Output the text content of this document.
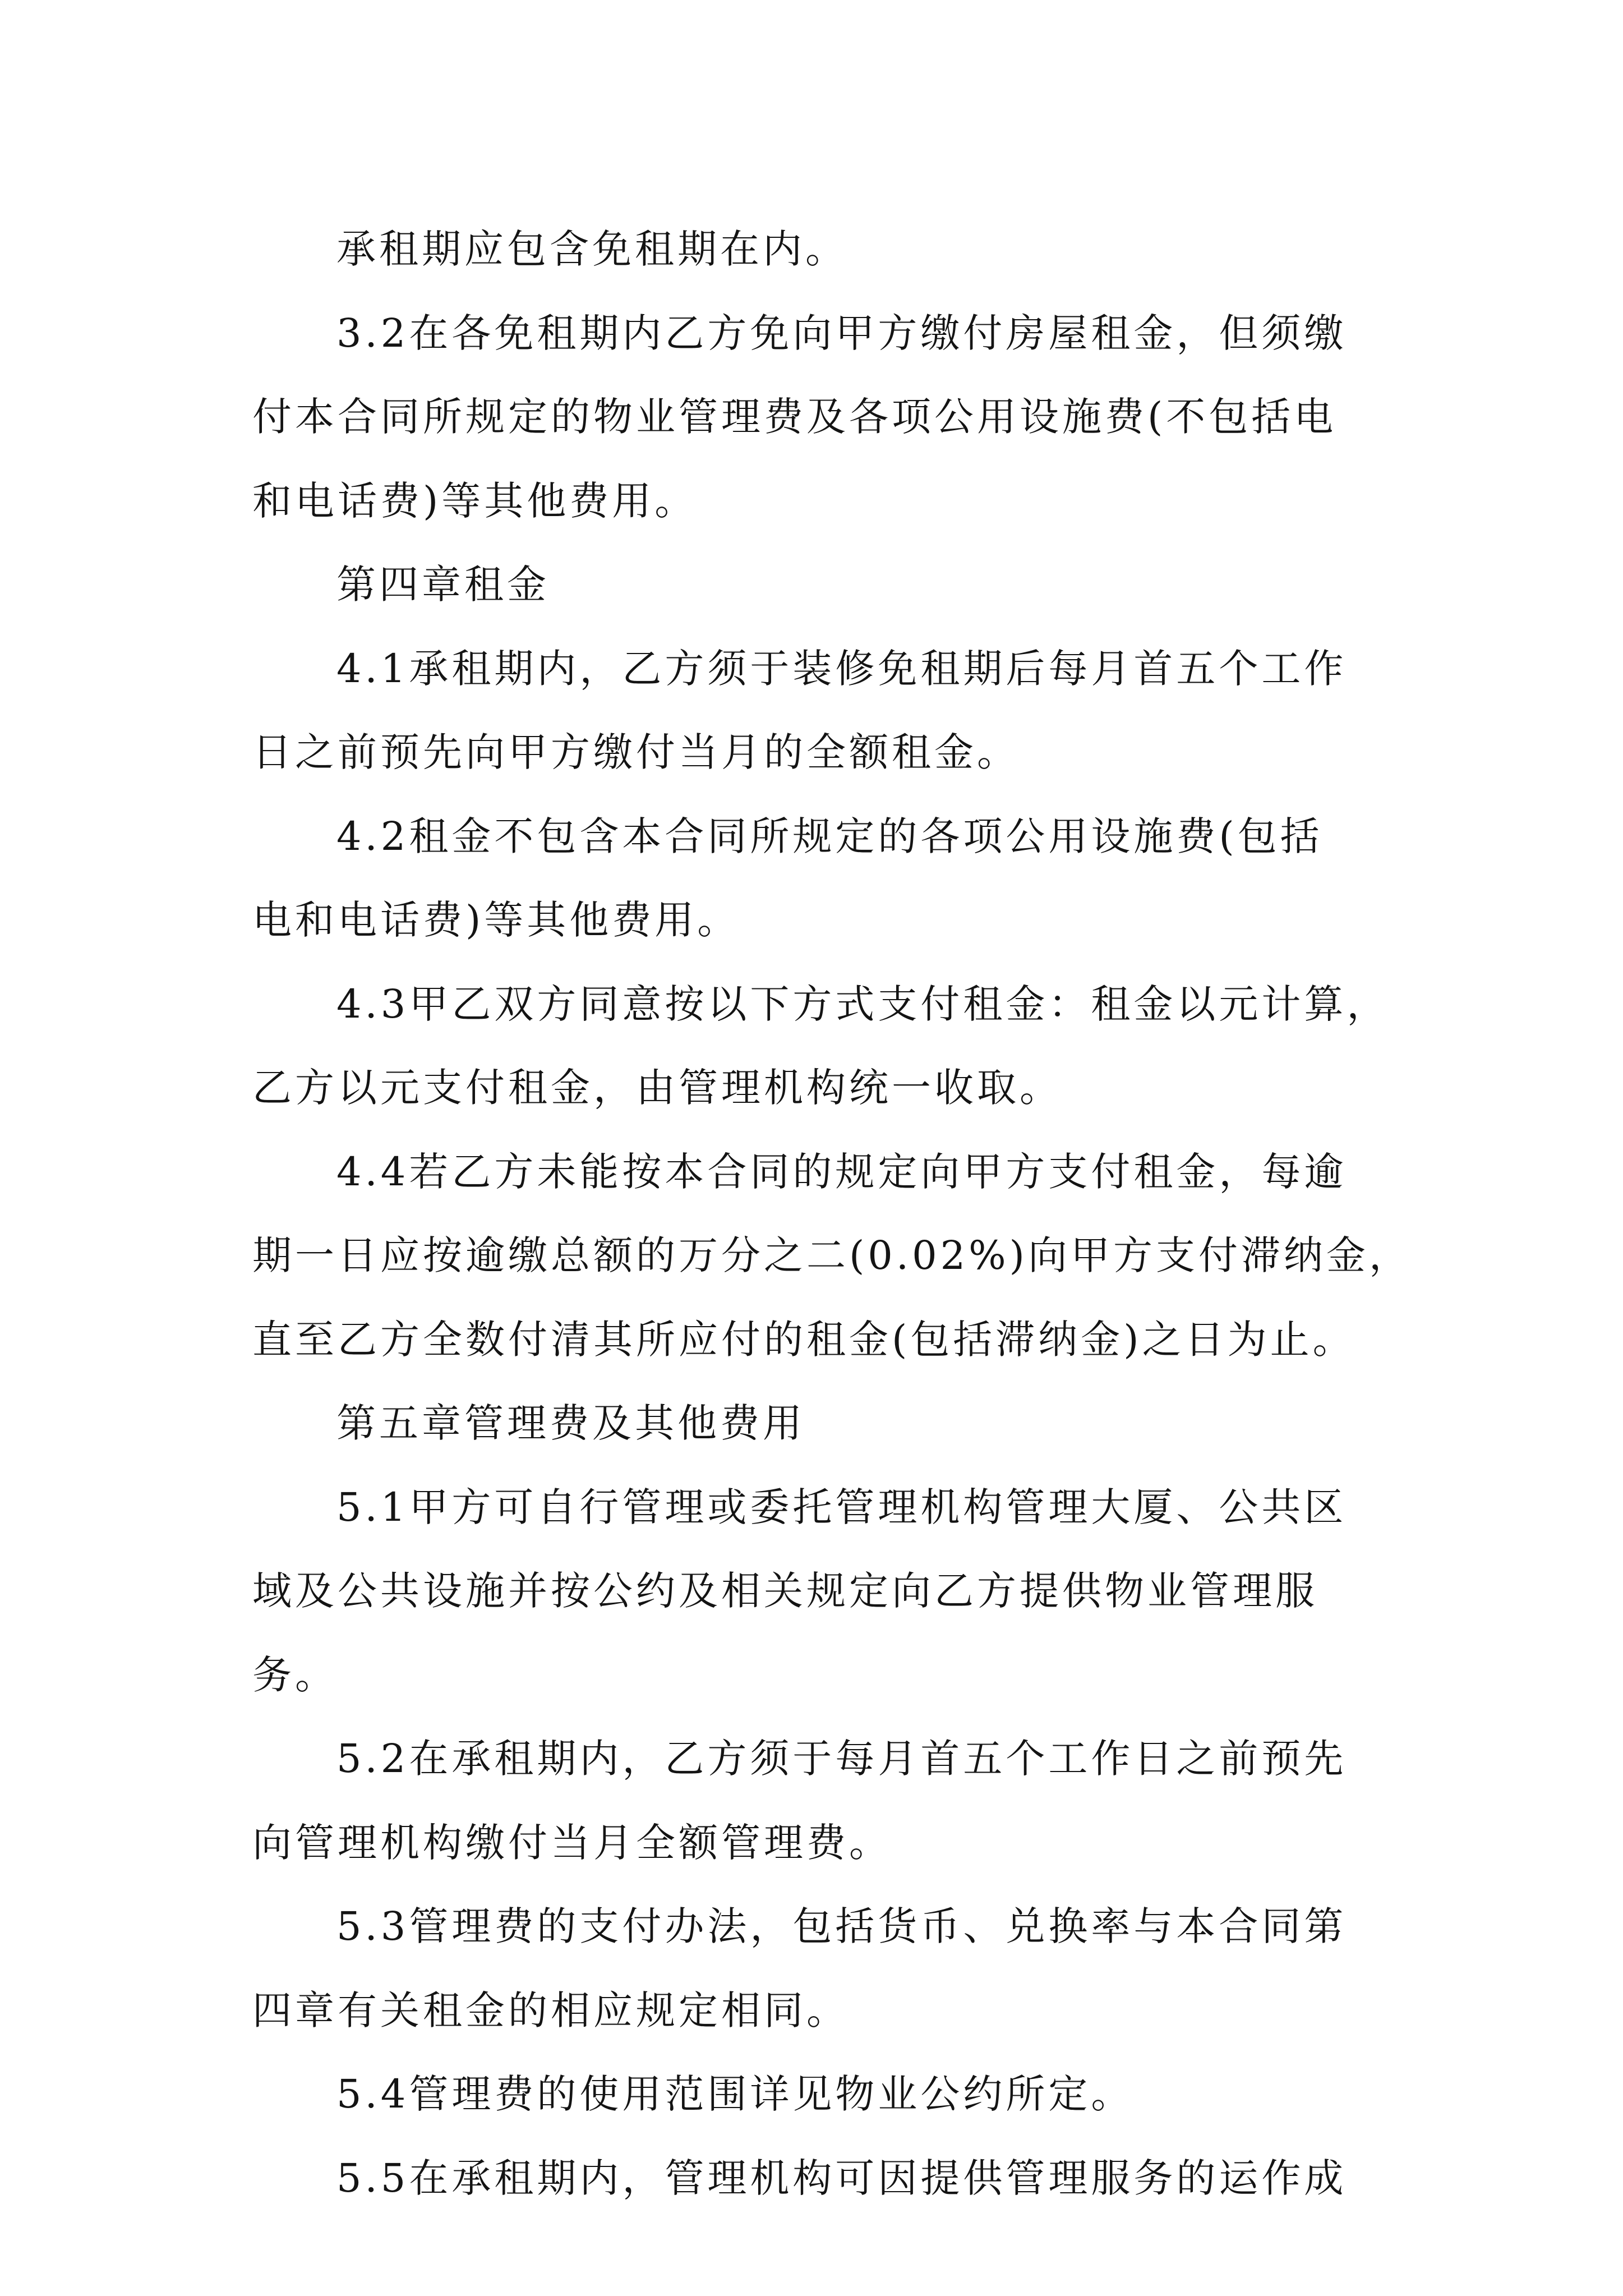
承租期应包含免租期在内。
3.2在各免租期内乙方免向甲方缴付房屋租金，但须缴
付本合同所规定的物业管理费及各项公用设施费(不包括电
和电话费)等其他费用。
第四章租金
4.1承租期内，乙方须于装修免租期后每月首五个工作
日之前预先向甲方缴付当月的全额租金。
4.2租金不包含本合同所规定的各项公用设施费(包括
电和电话费)等其他费用。
4.3甲乙双方同意按以下方式支付租金：租金以元计算，
乙方以元支付租金，由管理机构统一收取。
4.4若乙方未能按本合同的规定向甲方支付租金，每逾
期一日应按逾缴总额的万分之二(0.02%)向甲方支付滞纳金，
直至乙方全数付清其所应付的租金(包括滞纳金)之日为止。
第五章管理费及其他费用
5.1甲方可自行管理或委托管理机构管理大厦、公共区
域及公共设施并按公约及相关规定向乙方提供物业管理服
务。
5.2在承租期内，乙方须于每月首五个工作日之前预先
向管理机构缴付当月全额管理费。
5.3管理费的支付办法，包括货币、兑换率与本合同第
四章有关租金的相应规定相同。
5.4管理费的使用范围详见物业公约所定。
5.5在承租期内，管理机构可因提供管理服务的运作成
